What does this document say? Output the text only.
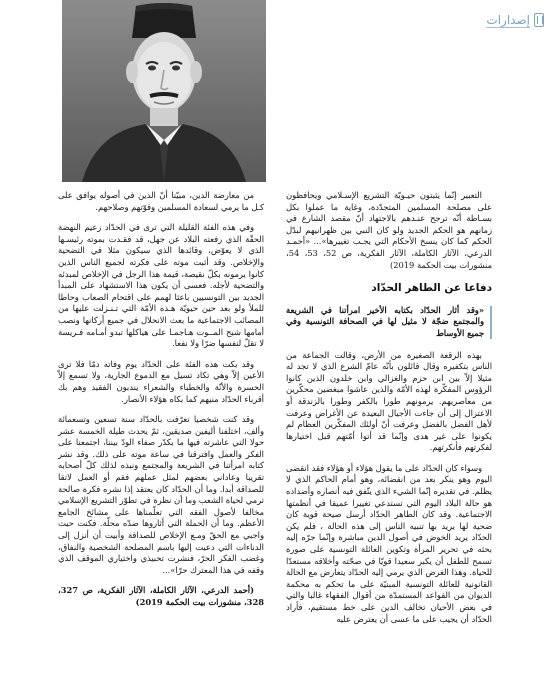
إصدارات

التعبير إنّما يثبتون حيـويّة التشريع الإسـلامي ويحافظون على مصلحة المسلمين المتجدّدة، وغاية ما عملوا بكل بسـاطة أنّه ترجح عنـدهم بالاجتهاد أنّ مقصد الشارع في زمانهم هو الحكم الجديد ولو كان النبي بين ظهرانيهم لبدّل الحكم كما كان ينسخ الأحكام التي يجـب تغييرها»... «أحمـد الدرعي، الآثار الكاملة، الآثار الفكرية، ص 52، 53، 54، منشورات بيت الحكمة 2019)

دفاعا عن الطاهر الحدّاد

«وقد أثار الحدّاد بكتابه الأخير امرأتنا في الشريعة والمجتمع ضجّة لا مثيل لها في الصحافة التونسية وفي جميع الأوساط

بهذه الرقعة الصغيرة من الأرض، وقالت الجماعة من الناس بتكفيره وقال قائلون بأنّه عامّ الشرع الذي لا تجد له مثيلا إلاّ بين ابن حزم والغزالي وابن خلدون الذين كانوا الرؤوس المفكّرة لهذه الأمّة والذين عاشوا مبغضين محكّرين من معاصريهم. يرمونهم طورا بالكفر وطورا بالزندقة أو الاعتزال إلى أن جاءت الأجيال البعيدة عن الأغراض وعرفت لأهل الفضل بالفضل وعرفت أنّ أولئك المفكّرين العظام لم يكونوا على غير هدى وإنّما قد أتوا أمّتهم قبل اختيارها لفكرتهم فأنكرتهم.

وسواء كان الحدّاد على ما يقول هؤلاء أو هؤلاء فقد انقضى اليوم وهو ينكر بعد من انقضائه، وهو أمام الحاكم الذي لا يظلم. في تقديره إنّما الشيء الذي يتّفق فيه أنصاره وأضداده هو حالة البلاد اليوم التي تستدعي تغييرا عميقا في أنظمتها الاجتماعية. وقد كان الطاهر الحدّاد أرسل صيحة قوية كان ضحية لها يريد بها تنبيه الناس إلى هذه الحالة ، فلم يكن الحدّاد يريد الخوض في أصول الدين مباشرة وإنّما جرّه إليه بحثه في تحرير المرأة وتكوين العائلة التونسية على صورة تسمح للطفل أن يكبر سعيدا قويّا في صحّته وأخلاقه مستعدّا للحياة. وهذا الغرض الذي يرمي إليه الحدّاد يتعارض مع الحالة القانونية للعائلة التونسية المبنيّة على ما تحكم به محكمة الديوان من القواعد المستمدّة من أقوال الفقهاء غالبا والتي في بعض الأحيان تخالف الدين على خط مستقيم، فأراد الحدّاد أن يجيب على ما عسى أن يعترض عليه

من معارضة الدين، مبيّنا أنّ الدين في أصوله يوافق على كـل ما يرمي لسعادة المسلمين وقوّتهم وصلاحهم.

وفي هذه الفئة القليلة التي ترى في الحدّاد زعيم النهضة الحقّة الذي رفعته البلاد عن جهل، قد فقـدت بموته رئيسـها الذي لا يعوّض، وقائدها الذي سيكون مثلا في التضحية والإخلاص. وقد أثبت موته على فكرته لجميع الناس الذين كانوا يرمونه بكلّ نقيصة، قيمة هذا الرجل في الإخلاص لمبدئه والتضحية لأجله. فعسى أن يكون هذا الاستشهاد على المبدأ الجديد بين التونسيين باعثا لهمم على اقتحام الصعاب وحاطا للملأ ولو بعد حين حيويّة هـذه الأمّة التي تـنـزلت عليها من المصائب الاجتماعية ما بعث الانحلال في جميع أركانها ونصب أمامها شبح المــوت هـاجمـا على هياكلها تبدو أمـامه فـريسة لا تقلّ لنفسها ضرّا ولا نفعا.

وقد بكت هذه الفئة على الحدّاد يوم وفاته دمّا فلا ترى الأعين إلاّ وهي تكاد تسيل مع الدموع الجارية، ولا تسمع إلاّ الحسرة والأنّة والخطباء والشعراء يندبون الفقيد وهم بك أقرباء الحدّاد منيهم كما بكاه هؤلاء الأنصار.

وقد كنت شخصيا تعرّفت بالحدّاد سنة تسعين وتسعمائة وألف، اختلفنا أليفين صديقين، ثمّ يحدث طيلة الخمسة عشر حولا التي عاشرته فيها ما يكدّر صفاء الودّ بيننا، اجتمعنا على الفكر والعمل وافترقنا في ساعة موته على ذلك. وقد نشر كتابه امرأتنا في الشريعة والمجتمع ونبذه لذلك كلّ أصحابه تقريبا وعاداني بعضهم لمثل عملهم فقم أو العمل لاتقا للصداقة أبدا. وما أن الحدّاد كان يعتقد إذا نشره فكرة صالحة ترمي لحياة الشعب وما أن نظرة في تطوّر التشريع الإسلامي مخالفا لأصول الفقه التي تعلّمناها على مشائخ الجامع الأعظم. وما أن الحملة التي أثاروها ضدّه محلّة. فكنت حيث واجبي مع الحقّ ومـع الإخلاص للصداقة وأبيت أن أنزل إلى الدناءات التي دعيت إليها باسم المصلحة الشخصية والنفاق، وغضب الفكر الحرّ، فنشرت تحبيذي واختياري الموقف الذي وقفه في هذا المعترك حرّا»...

(أحمد الدرعي، الآثار الكاملة، الآثار الفكرية، ص 327، 328، منشورات بيت الحكمة 2019)
